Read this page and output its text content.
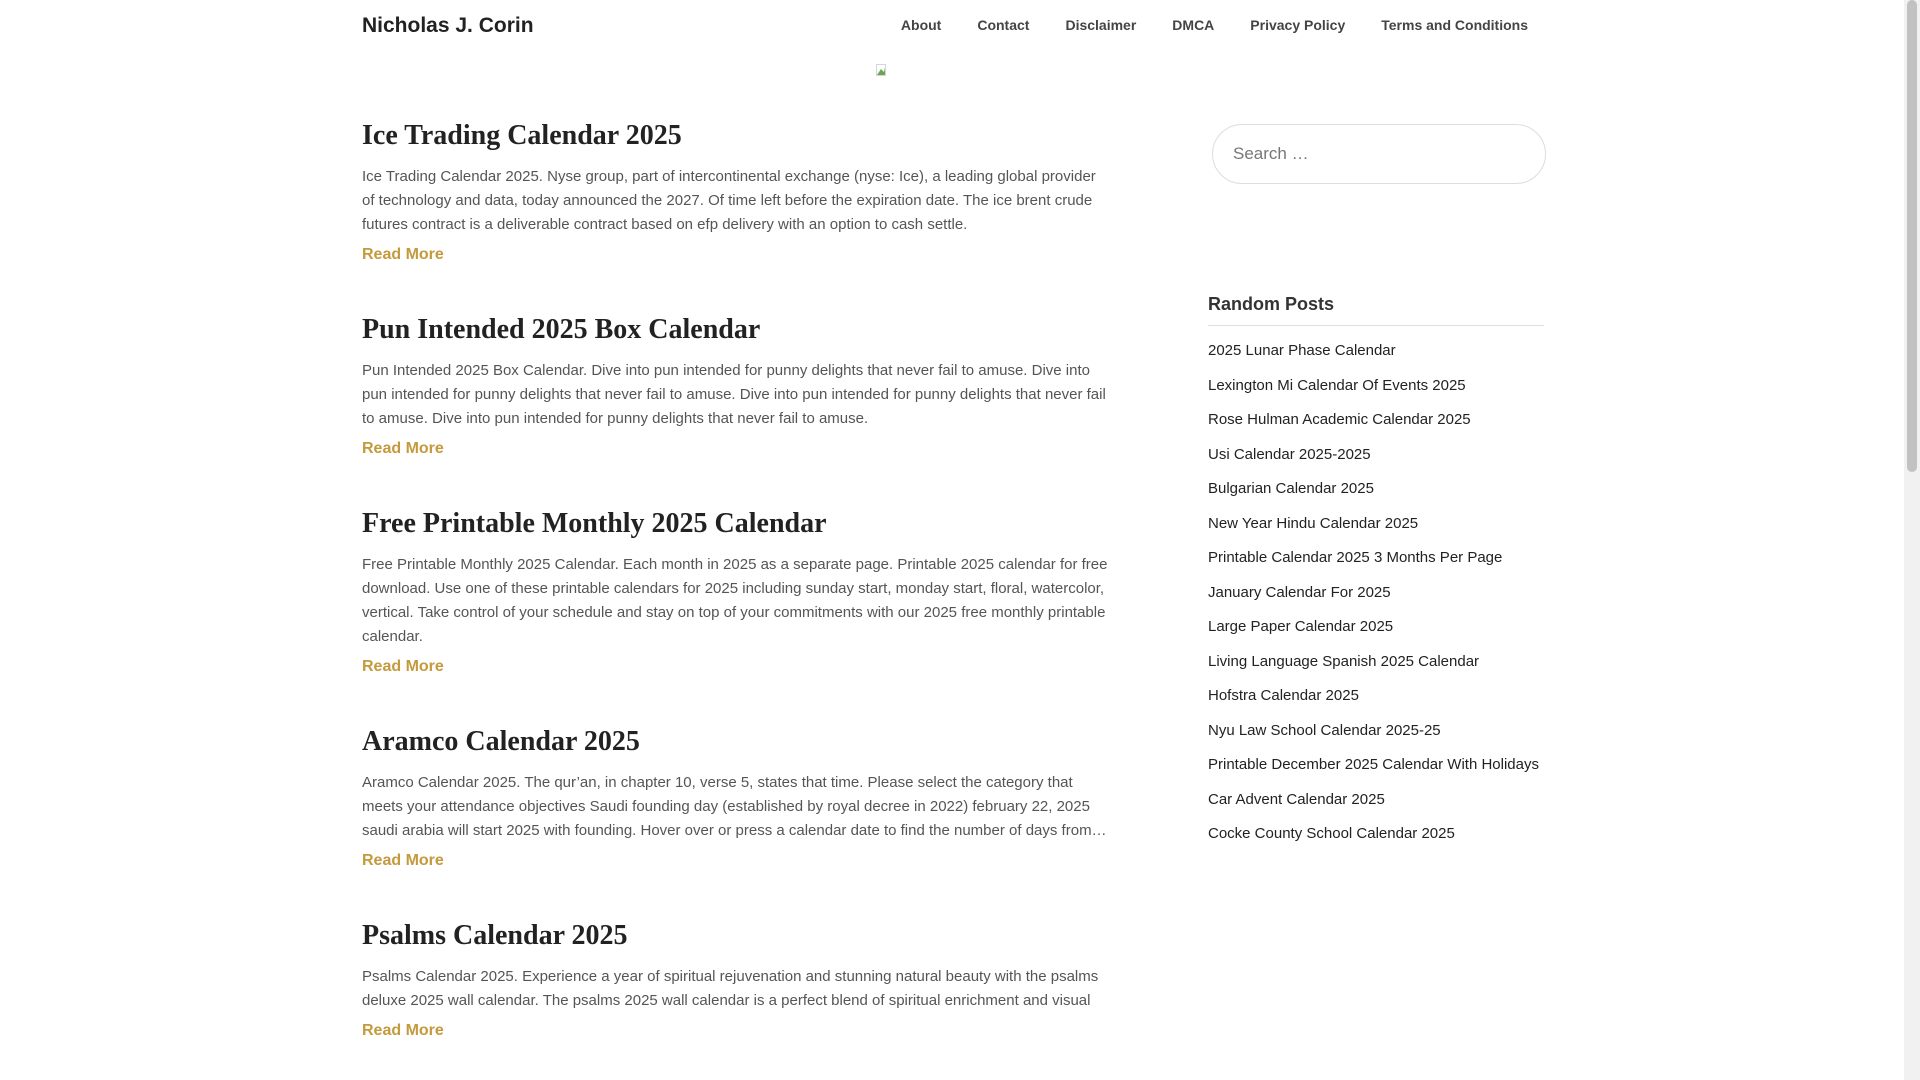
Nicholas J. Corin	About	Contact	Disclaimer	DMCA	Privacy Policy	Terms and Conditions
Ice Trading Calendar 2025

Ice Trading Calendar 2025. Nyse group, part of intercontinental exchange (nyse: Ice), a leading global provider of technology and data, today announced the 2027. Of time left before the expiration date. The ice brent crude futures contract is a deliverable contract based on efp delivery with an option to cash settle.

Read More
Pun Intended 2025 Box Calendar

Pun Intended 2025 Box Calendar. Dive into pun intended for punny delights that never fail to amuse. Dive into pun intended for punny delights that never fail to amuse. Dive into pun intended for punny delights that never fail to amuse. Dive into pun intended for punny delights that never fail to amuse.

Read More
Free Printable Monthly 2025 Calendar

Free Printable Monthly 2025 Calendar. Each month in 2025 as a separate page. Printable 2025 calendar for free download. Use one of these printable calendars for 2025 including sunday start, monday start, floral, watercolor, vertical. Take control of your schedule and stay on top of your commitments with our 2025 free monthly printable calendar.

Read More
Aramco Calendar 2025

Aramco Calendar 2025. The qur’an, in chapter 10, verse 5, states that time. Please select the category that meets your attendance objectives Saudi founding day (established by royal decree in 2022) february 22, 2025 saudi arabia will start 2025 with founding. Hover over or press a calendar date to find the number of days from…

Read More
Psalms Calendar 2025

Psalms Calendar 2025. Experience a year of spiritual rejuvenation and stunning natural beauty with the psalms deluxe 2025 wall calendar. The psalms 2025 wall calendar is a perfect blend of spiritual enrichment and visual

Read More
Search …
Random Posts
2025 Lunar Phase Calendar
Lexington Mi Calendar Of Events 2025
Rose Hulman Academic Calendar 2025
Usi Calendar 2025-2025
Bulgarian Calendar 2025
New Year Hindu Calendar 2025
Printable Calendar 2025 3 Months Per Page
January Calendar For 2025
Large Paper Calendar 2025
Living Language Spanish 2025 Calendar
Hofstra Calendar 2025
Nyu Law School Calendar 2025-25
Printable December 2025 Calendar With Holidays
Car Advent Calendar 2025
Cocke County School Calendar 2025
